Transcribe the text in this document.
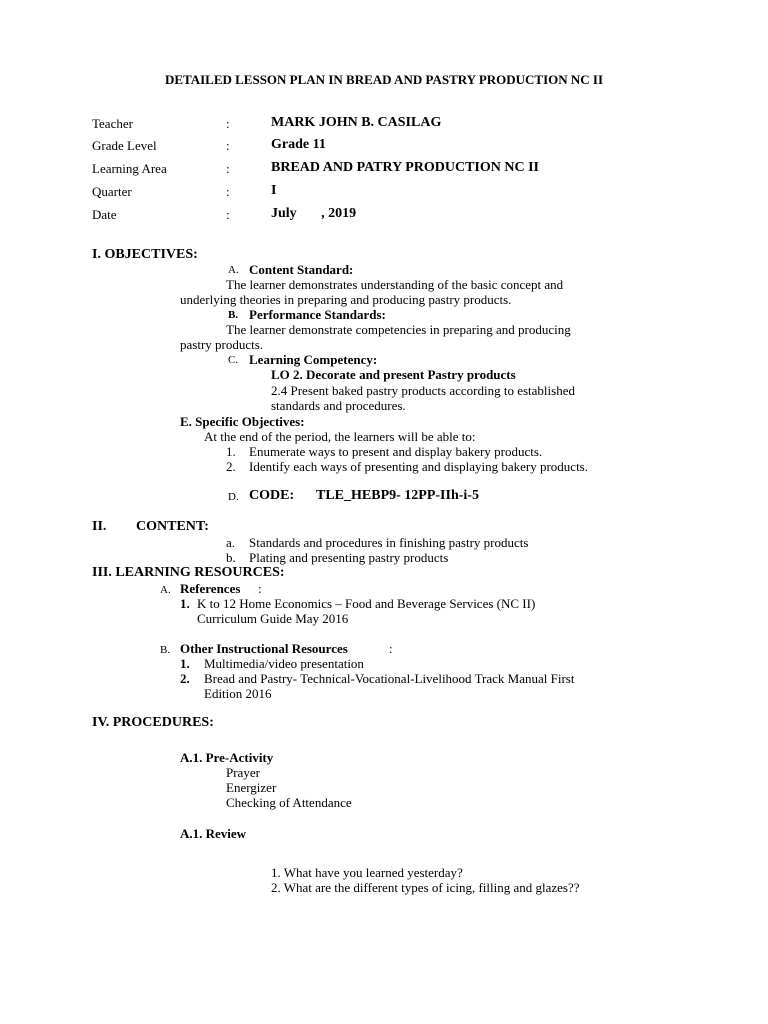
DETAILED LESSON PLAN IN BREAD AND PASTRY PRODUCTION NC II
Teacher	:	MARK JOHN B. CASILAG
Grade Level	:	Grade 11
Learning Area	:	BREAD AND PATRY PRODUCTION NC II
Quarter	:	I
Date	:	July       , 2019
I. OBJECTIVES:
A. Content Standard:
The learner demonstrates understanding of the basic concept and
underlying theories in preparing and producing pastry products.
B. Performance Standards:
The learner demonstrate competencies in preparing and producing
pastry products.
C. Learning Competency:
LO 2. Decorate and present Pastry products
2.4 Present baked pastry products according to established
standards and procedures.
E. Specific Objectives:
At the end of the period, the learners will be able to:
1. Enumerate ways to present and display bakery products.
2. Identify each ways of presenting and displaying bakery products.
D. CODE: TLE_HEBP9- 12PP-IIh-i-5
II. CONTENT:
a. Standards and procedures in finishing pastry products
b. Plating and presenting pastry products
III. LEARNING RESOURCES:
A. References :
1. K to 12 Home Economics – Food and Beverage Services (NC II)
Curriculum Guide May 2016
B. Other Instructional Resources	:
1. Multimedia/video presentation
2. Bread and Pastry- Technical-Vocational-Livelihood Track Manual First
Edition 2016
IV. PROCEDURES:
A.1. Pre-Activity
Prayer
Energizer
Checking of Attendance
A.1. Review
1. What have you learned yesterday?
2. What are the different types of icing, filling and glazes??
